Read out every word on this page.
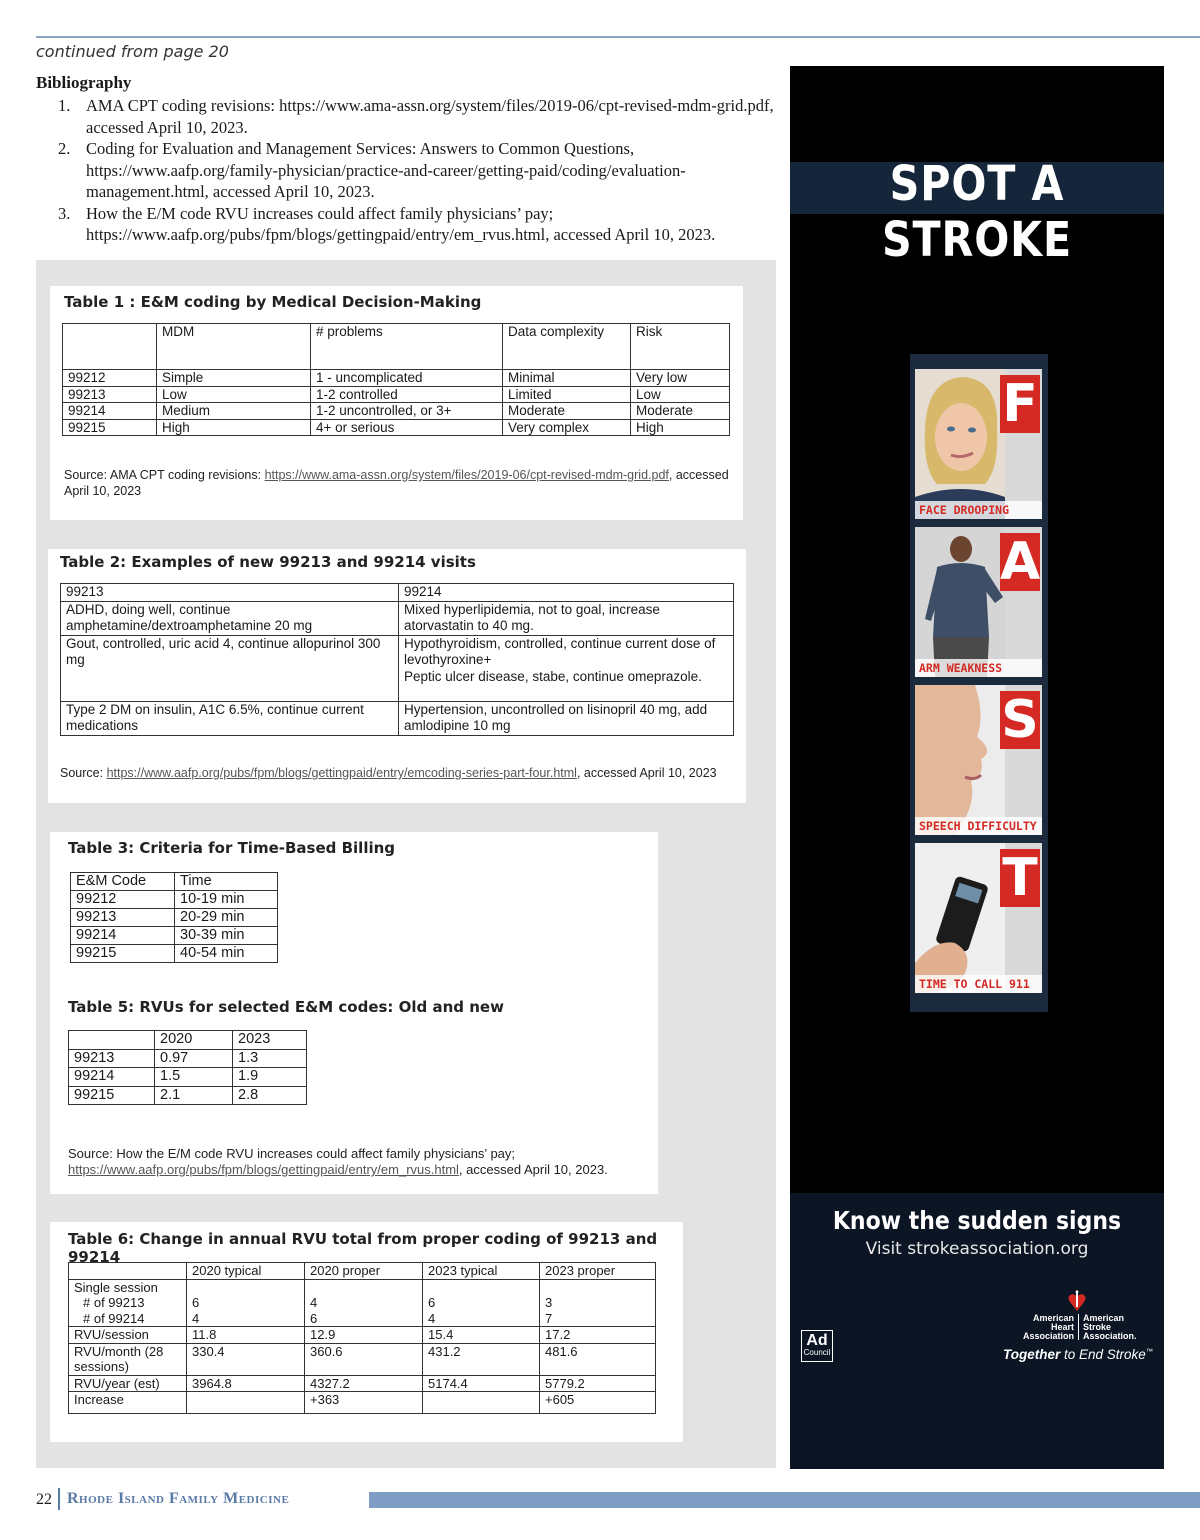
continued from page 20
Bibliography
1. AMA CPT coding revisions: https://www.ama-assn.org/system/files/2019-06/cpt-revised-mdm-grid.pdf, accessed April 10, 2023.
2. Coding for Evaluation and Management Services: Answers to Common Questions, https://www.aafp.org/family-physician/practice-and-career/getting-paid/coding/evaluation-management.html, accessed April 10, 2023.
3. How the E/M code RVU increases could affect family physicians’ pay; https://www.aafp.org/pubs/fpm/blogs/gettingpaid/entry/em_rvus.html, accessed April 10, 2023.
Table 1 : E&M coding by Medical Decision-Making
	MDM	# problems	Data complexity	Risk
99212	Simple	1 - uncomplicated	Minimal	Very low
99213	Low	1-2 controlled	Limited	Low
99214	Medium	1-2 uncontrolled, or 3+	Moderate	Moderate
99215	High	4+ or serious	Very complex	High
Source: AMA CPT coding revisions: https://www.ama-assn.org/system/files/2019-06/cpt-revised-mdm-grid.pdf, accessed April 10, 2023
Table 2: Examples of new 99213 and 99214 visits
99213	99214
ADHD, doing well, continue amphetamine/dextroamphetamine 20 mg	Mixed hyperlipidemia, not to goal, increase atorvastatin to 40 mg.
Gout, controlled, uric acid 4, continue allopurinol 300 mg	Hypothyroidism, controlled, continue current dose of levothyroxine+
Peptic ulcer disease, stabe, continue omeprazole.
Type 2 DM on insulin, A1C 6.5%, continue current medications	Hypertension, uncontrolled on lisinopril 40 mg, add amlodipine 10 mg
Source: https://www.aafp.org/pubs/fpm/blogs/gettingpaid/entry/emcoding-series-part-four.html, accessed April 10, 2023
Table 3: Criteria for Time-Based Billing
E&M Code	Time
99212	10-19 min
99213	20-29 min
99214	30-39 min
99215	40-54 min
Table 5: RVUs for selected E&M codes: Old and new
	2020	2023
99213	0.97	1.3
99214	1.5	1.9
99215	2.1	2.8
Source: How the E/M code RVU increases could affect family physicians’ pay;
https://www.aafp.org/pubs/fpm/blogs/gettingpaid/entry/em_rvus.html, accessed April 10, 2023.
Table 6: Change in annual RVU total from proper coding of 99213 and 99214
	2020 typical	2020 proper	2023 typical	2023 proper
Single session				
# of 99213	6	4	6	3
# of 99214	4	6	4	7
RVU/session	11.8	12.9	15.4	17.2
RVU/month (28 sessions)	330.4	360.6	431.2	481.6
RVU/year (est)	3964.8	4327.2	5174.4	5779.2
Increase		+363		+605
SPOT A STROKE
F
FACE DROOPING
A
ARM WEAKNESS
S
SPEECH DIFFICULTY
T
TIME TO CALL 911
Know the sudden signs
Visit strokeassociation.org
Ad
Council
American Heart Association
American Stroke Association.
Together to End Stroke™
22 Rhode Island Family Medicine
